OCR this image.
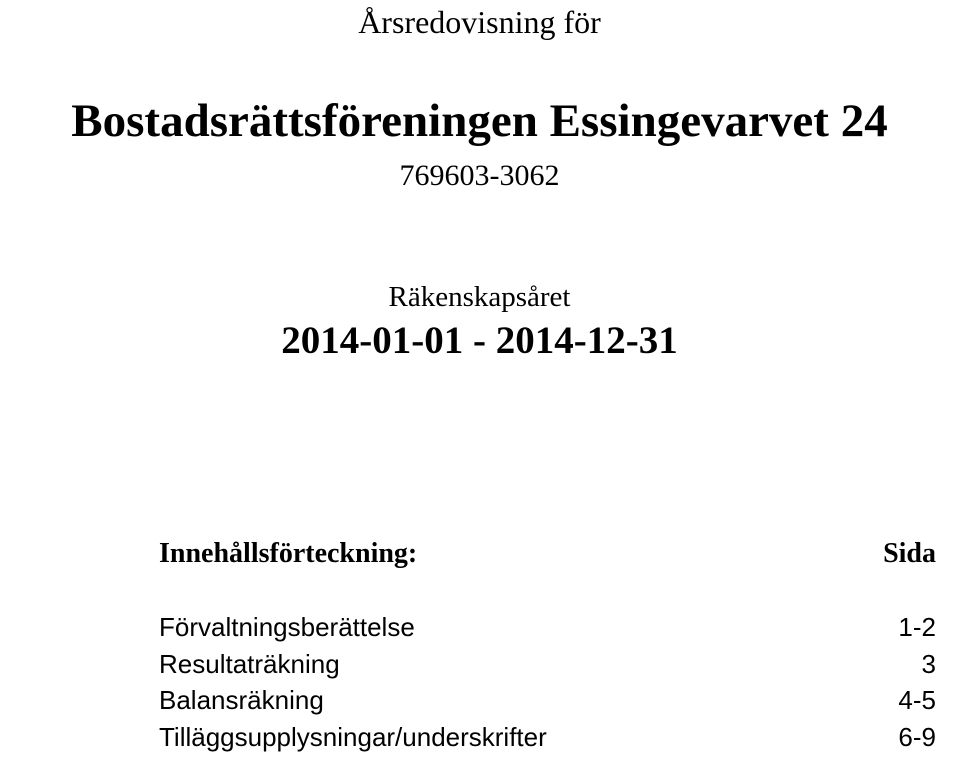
Årsredovisning för
Bostadsrättsföreningen Essingevarvet 24
769603-3062
Räkenskapsåret
2014-01-01 - 2014-12-31
Innehållsförteckning:	Sida
Förvaltningsberättelse	1-2
Resultaträkning	3
Balansräkning	4-5
Tilläggsupplysningar/underskrifter	6-9
